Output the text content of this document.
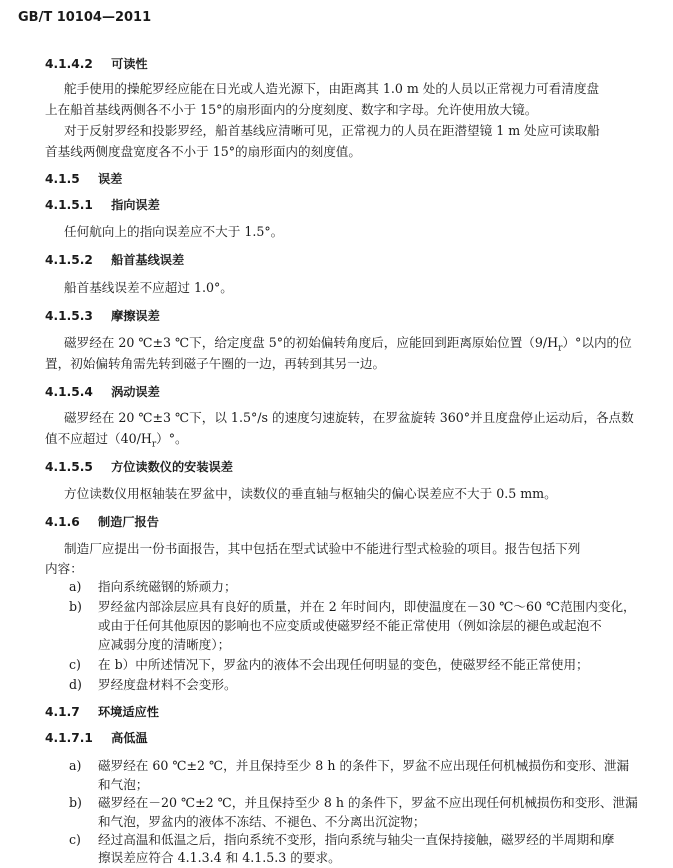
GB/T 10104—2011
4.1.4.2 可读性
舵手使用的操舵罗经应能在日光或人造光源下，由距离其 1.0 m 处的人员以正常视力可看清度盘
上在船首基线两侧各不小于 15°的扇形面内的分度刻度、数字和字母。允许使用放大镜。
对于反射罗经和投影罗经，船首基线应清晰可见，正常视力的人员在距潜望镜 1 m 处应可读取船
首基线两侧度盘宽度各不小于 15°的扇形面内的刻度值。
4.1.5 误差
4.1.5.1 指向误差
任何航向上的指向误差应不大于 1.5°。
4.1.5.2 船首基线误差
船首基线误差不应超过 1.0°。
4.1.5.3 摩擦误差
磁罗经在 20 ℃±3 ℃下，给定度盘 5°的初始偏转角度后，应能回到距离原始位置$(9/H_r)^\circ$以内的位
置，初始偏转角需先转到磁子午圈的一边，再转到其另一边。
4.1.5.4 涡动误差
磁罗经在 20 ℃±3 ℃下，以 1.5°/s 的速度匀速旋转，在罗盆旋转 360°并且度盘停止运动后，各点数
值不应超过$(40/H_r)^\circ$。
4.1.5.5 方位读数仪的安装误差
方位读数仪用枢轴装在罗盆中，读数仪的垂直轴与枢轴尖的偏心误差应不大于 0.5 mm。
4.1.6 制造厂报告
制造厂应提出一份书面报告，其中包括在型式试验中不能进行型式检验的项目。报告包括下列
内容：
a) 指向系统磁钢的矫顽力；
b) 罗经盆内部涂层应具有良好的质量，并在 2 年时间内，即使温度在－30 ℃～60 ℃范围内变化，
或由于任何其他原因的影响也不应变质或使磁罗经不能正常使用（例如涂层的褪色或起泡不
应减弱分度的清晰度）；
c) 在 b）中所述情况下，罗盆内的液体不会出现任何明显的变色，使磁罗经不能正常使用；
d) 罗经度盘材料不会变形。
4.1.7 环境适应性
4.1.7.1 高低温
a) 磁罗经在 60 ℃±2 ℃，并且保持至少 8 h 的条件下，罗盆不应出现任何机械损伤和变形、泄漏
和气泡；
b) 磁罗经在－20 ℃±2 ℃，并且保持至少 8 h 的条件下，罗盆不应出现任何机械损伤和变形、泄漏
和气泡，罗盆内的液体不冻结、不褪色、不分离出沉淀物；
c) 经过高温和低温之后，指向系统不变形，指向系统与轴尖一直保持接触，磁罗经的半周期和摩
擦误差应符合 4.1.3.4 和 4.1.5.3 的要求。
